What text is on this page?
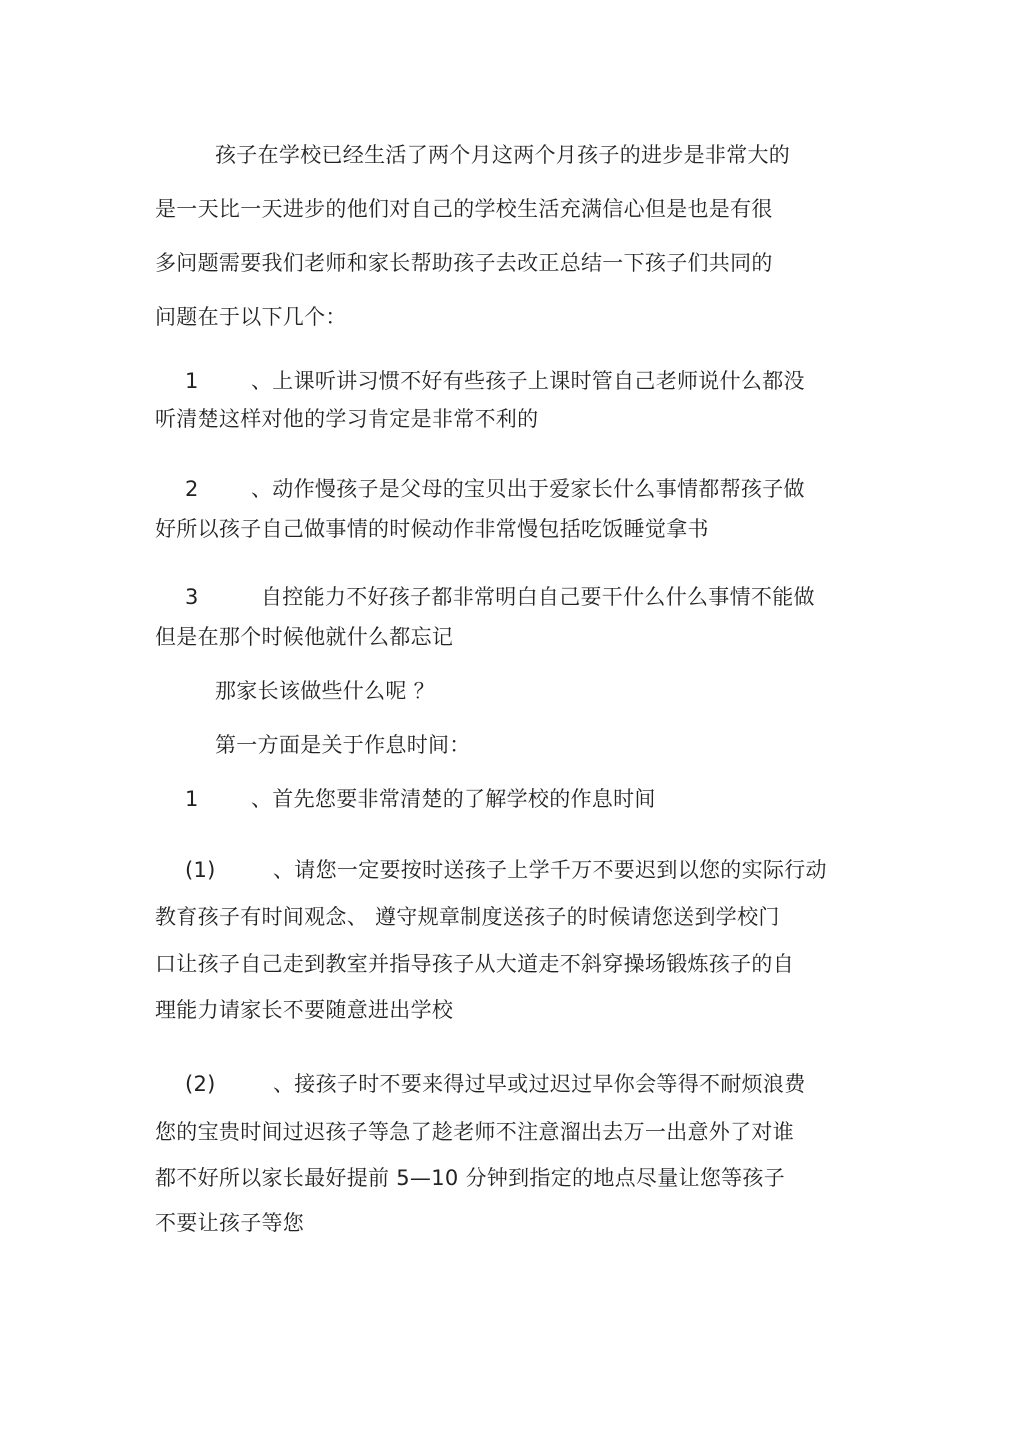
孩子在学校已经生活了两个月这两个月孩子的进步是非常大的
是一天比一天进步的他们对自己的学校生活充满信心但是也是有很
多问题需要我们老师和家长帮助孩子去改正总结一下孩子们共同的
问题在于以下几个：
1 、上课听讲习惯不好有些孩子上课时管自己老师说什么都没
听清楚这样对他的学习肯定是非常不利的
2 、动作慢孩子是父母的宝贝出于爱家长什么事情都帮孩子做
好所以孩子自己做事情的时候动作非常慢包括吃饭睡觉拿书
3	自控能力不好孩子都非常明白自己要干什么什么事情不能做
但是在那个时候他就什么都忘记
那家长该做些什么呢 ？
第一方面是关于作息时间：
1 、首先您要非常清楚的了解学校的作息时间
(1)	、请您一定要按时送孩子上学千万不要迟到以您的实际行动
教育孩子有时间观念、 遵守规章制度送孩子的时候请您送到学校门
口让孩子自己走到教室并指导孩子从大道走不斜穿操场锻炼孩子的自
理能力请家长不要随意进出学校
(2)	、接孩子时不要来得过早或过迟过早你会等得不耐烦浪费
您的宝贵时间过迟孩子等急了趁老师不注意溜出去万一出意外了对谁
都不好所以家长最好提前 5—10 分钟到指定的地点尽量让您等孩子
不要让孩子等您
